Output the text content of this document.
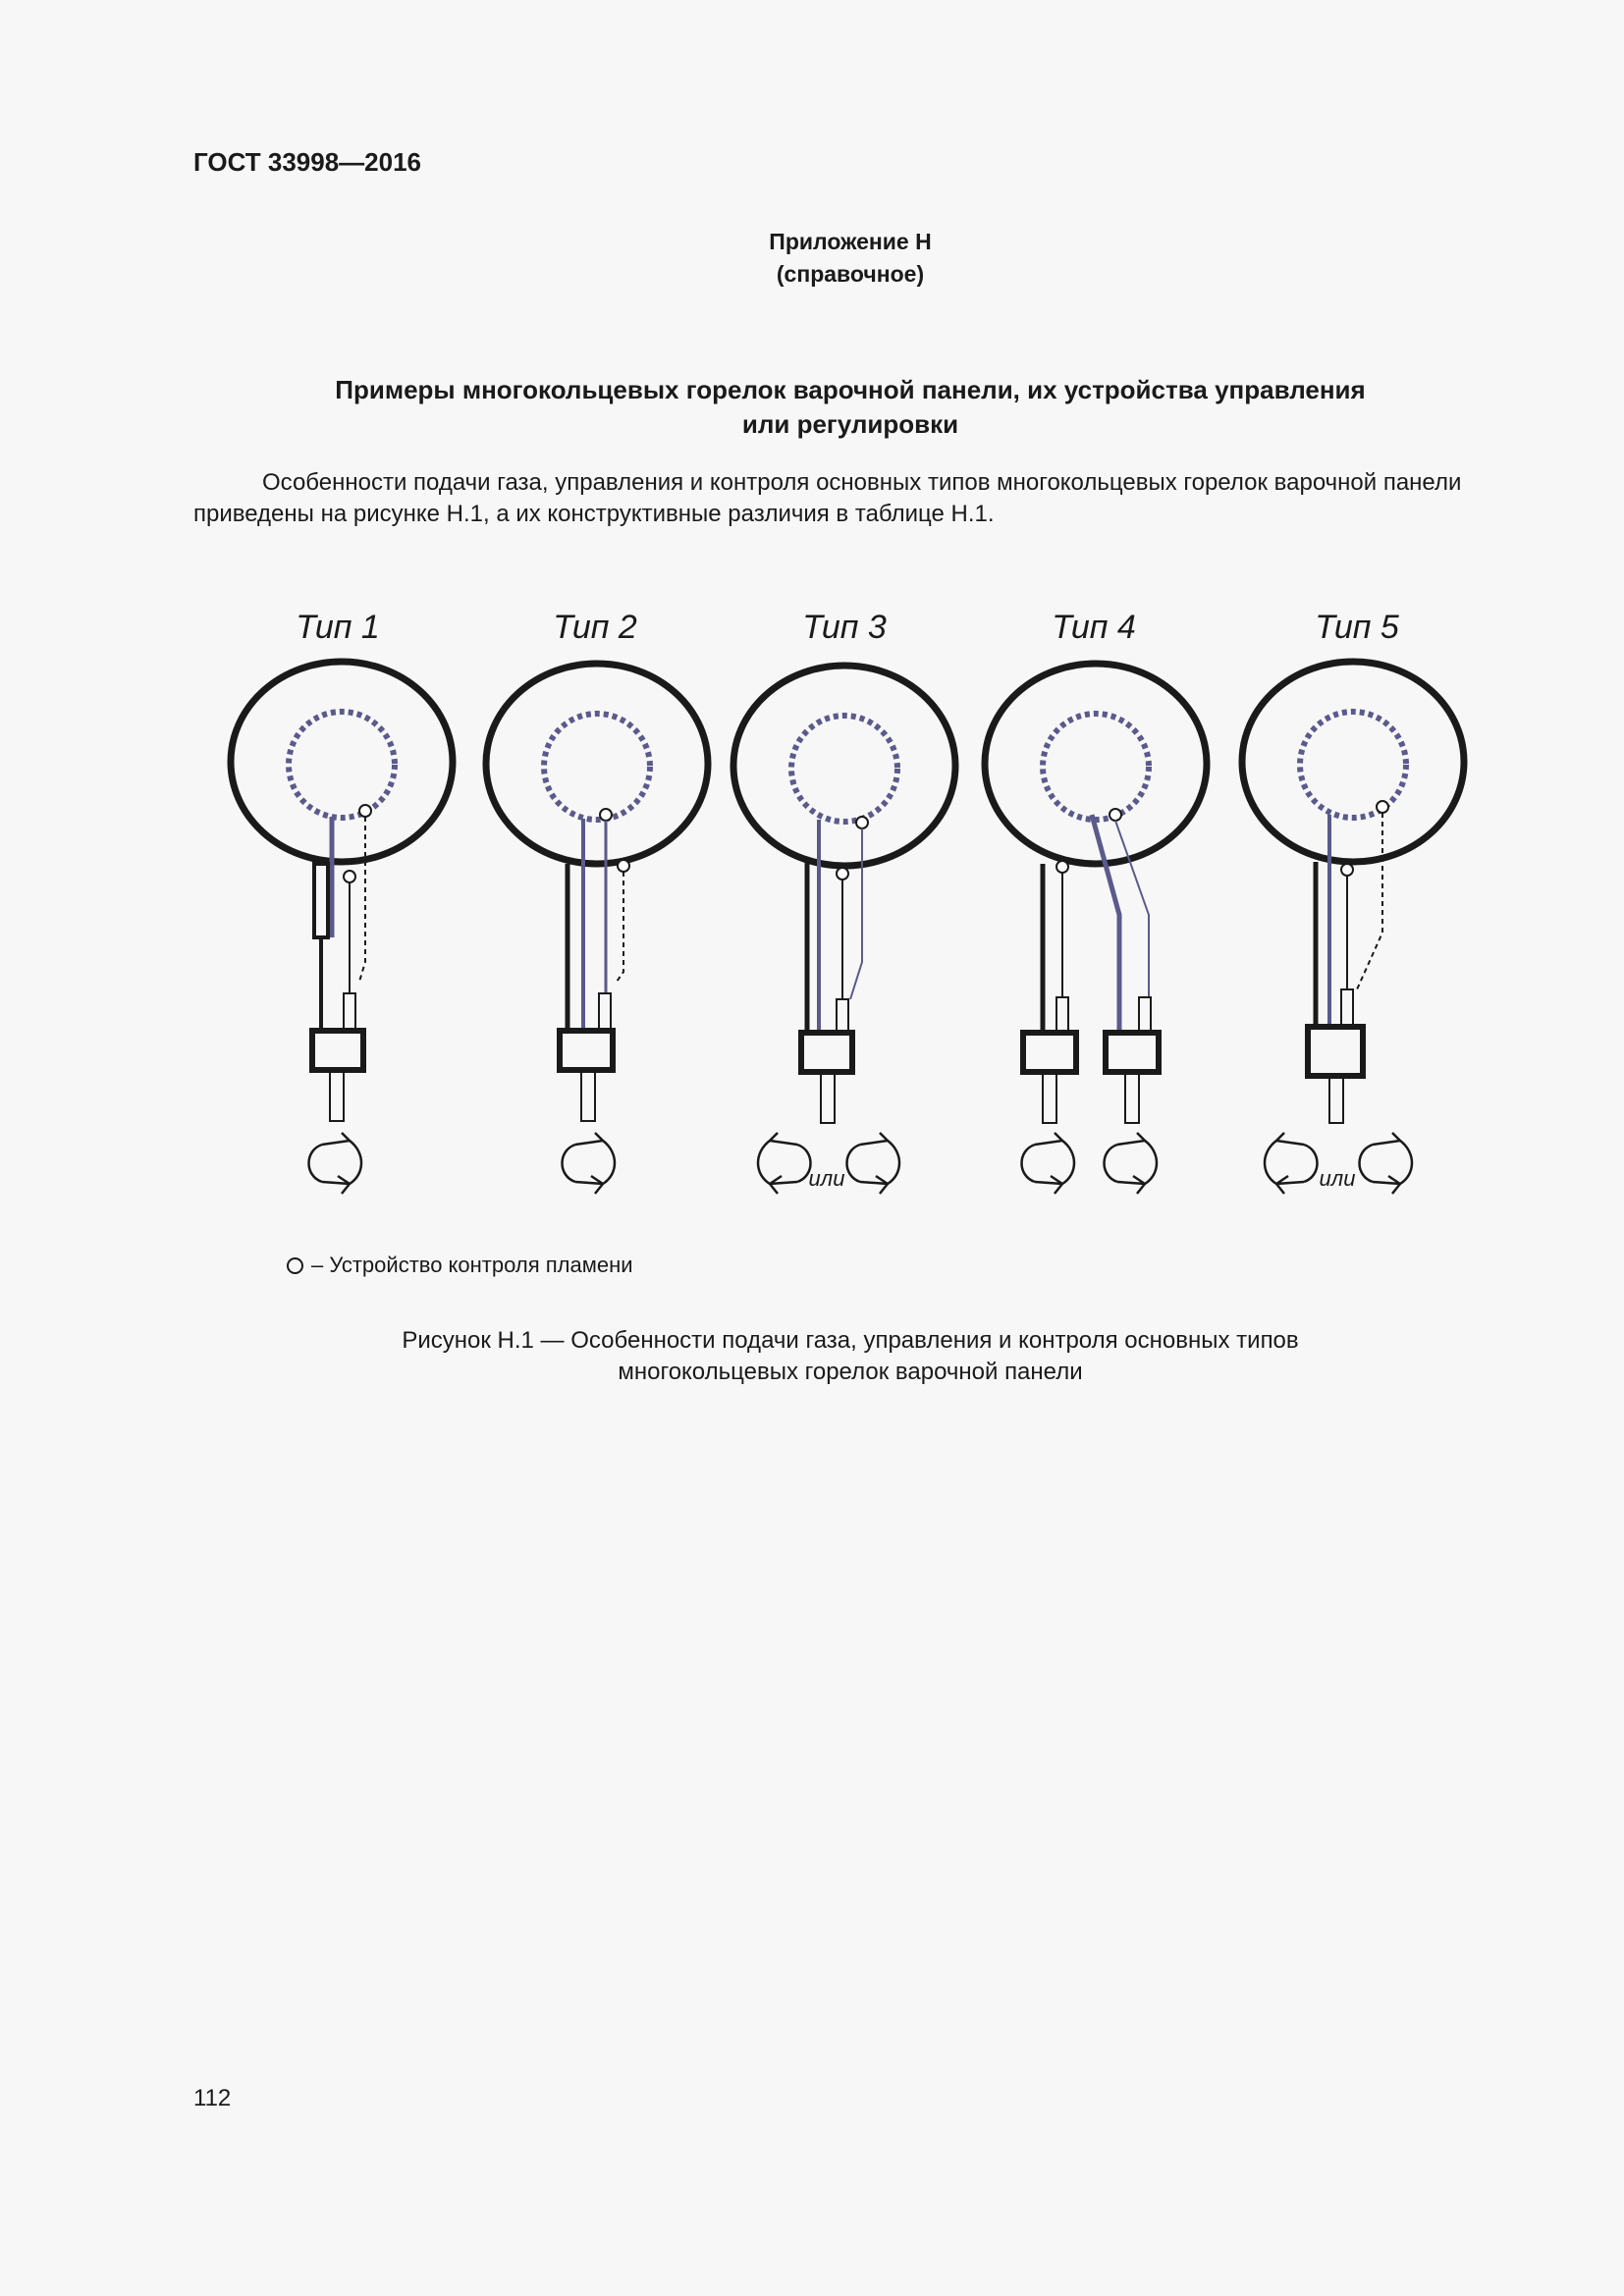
ГОСТ 33998—2016
Приложение Н
(справочное)
Примеры многокольцевых горелок варочной панели, их устройства управления
или регулировки
Особенности подачи газа, управления и контроля основных типов многокольцевых горелок варочной панели приведены на рисунке Н.1, а их конструктивные различия в таблице Н.1.
Тип 1	Тип 2	Тип 3
или
Тип 4	Тип 5
или
– Устройство контроля пламени
Рисунок Н.1 — Особенности подачи газа, управления и контроля основных типов
многокольцевых горелок варочной панели
112
